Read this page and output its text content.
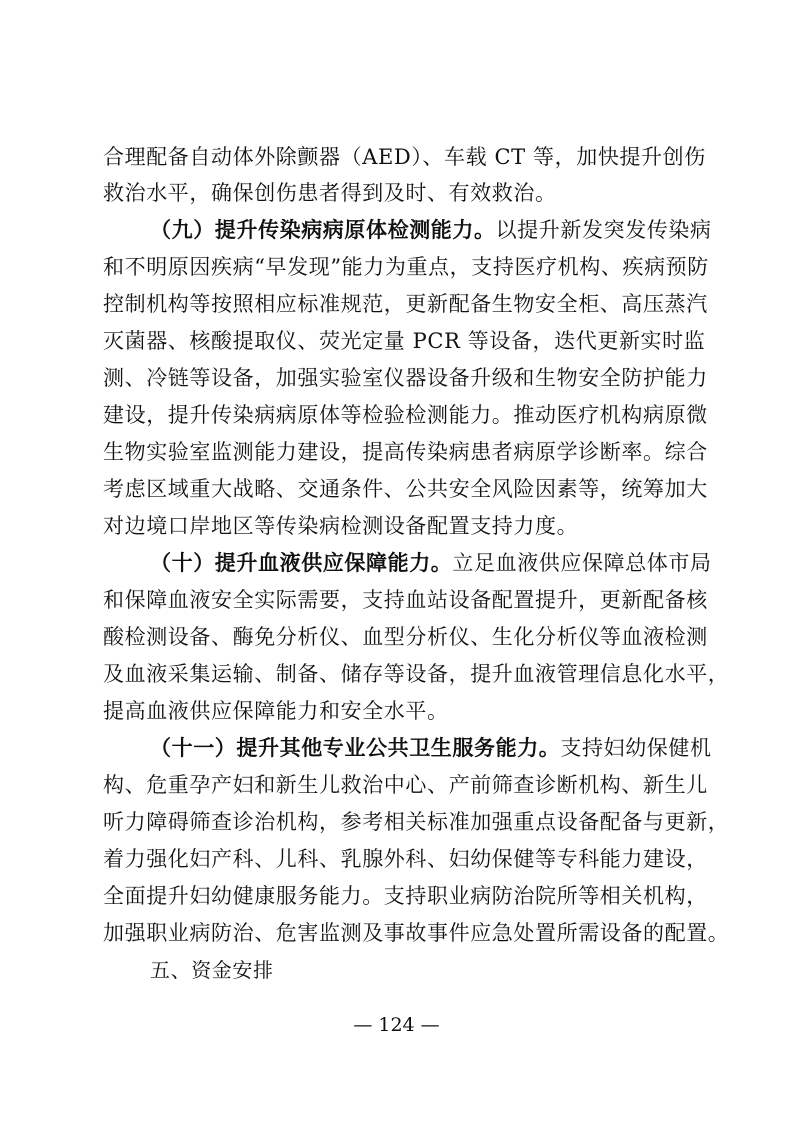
合理配备自动体外除颤器（AED）、车载 CT 等，加快提升创伤
救治水平，确保创伤患者得到及时、有效救治。
（九）提升传染病病原体检测能力。以提升新发突发传染病
和不明原因疾病“早发现”能力为重点，支持医疗机构、疾病预防
控制机构等按照相应标准规范，更新配备生物安全柜、高压蒸汽
灭菌器、核酸提取仪、荧光定量 PCR 等设备，迭代更新实时监
测、冷链等设备，加强实验室仪器设备升级和生物安全防护能力
建设，提升传染病病原体等检验检测能力。推动医疗机构病原微
生物实验室监测能力建设，提高传染病患者病原学诊断率。综合
考虑区域重大战略、交通条件、公共安全风险因素等，统筹加大
对边境口岸地区等传染病检测设备配置支持力度。
（十）提升血液供应保障能力。立足血液供应保障总体市局
和保障血液安全实际需要，支持血站设备配置提升，更新配备核
酸检测设备、酶免分析仪、血型分析仪、生化分析仪等血液检测
及血液采集运输、制备、储存等设备，提升血液管理信息化水平，
提高血液供应保障能力和安全水平。
（十一）提升其他专业公共卫生服务能力。支持妇幼保健机
构、危重孕产妇和新生儿救治中心、产前筛查诊断机构、新生儿
听力障碍筛查诊治机构，参考相关标准加强重点设备配备与更新，
着力强化妇产科、儿科、乳腺外科、妇幼保健等专科能力建设，
全面提升妇幼健康服务能力。支持职业病防治院所等相关机构，
加强职业病防治、危害监测及事故事件应急处置所需设备的配置。
五、资金安排
— 124 —
